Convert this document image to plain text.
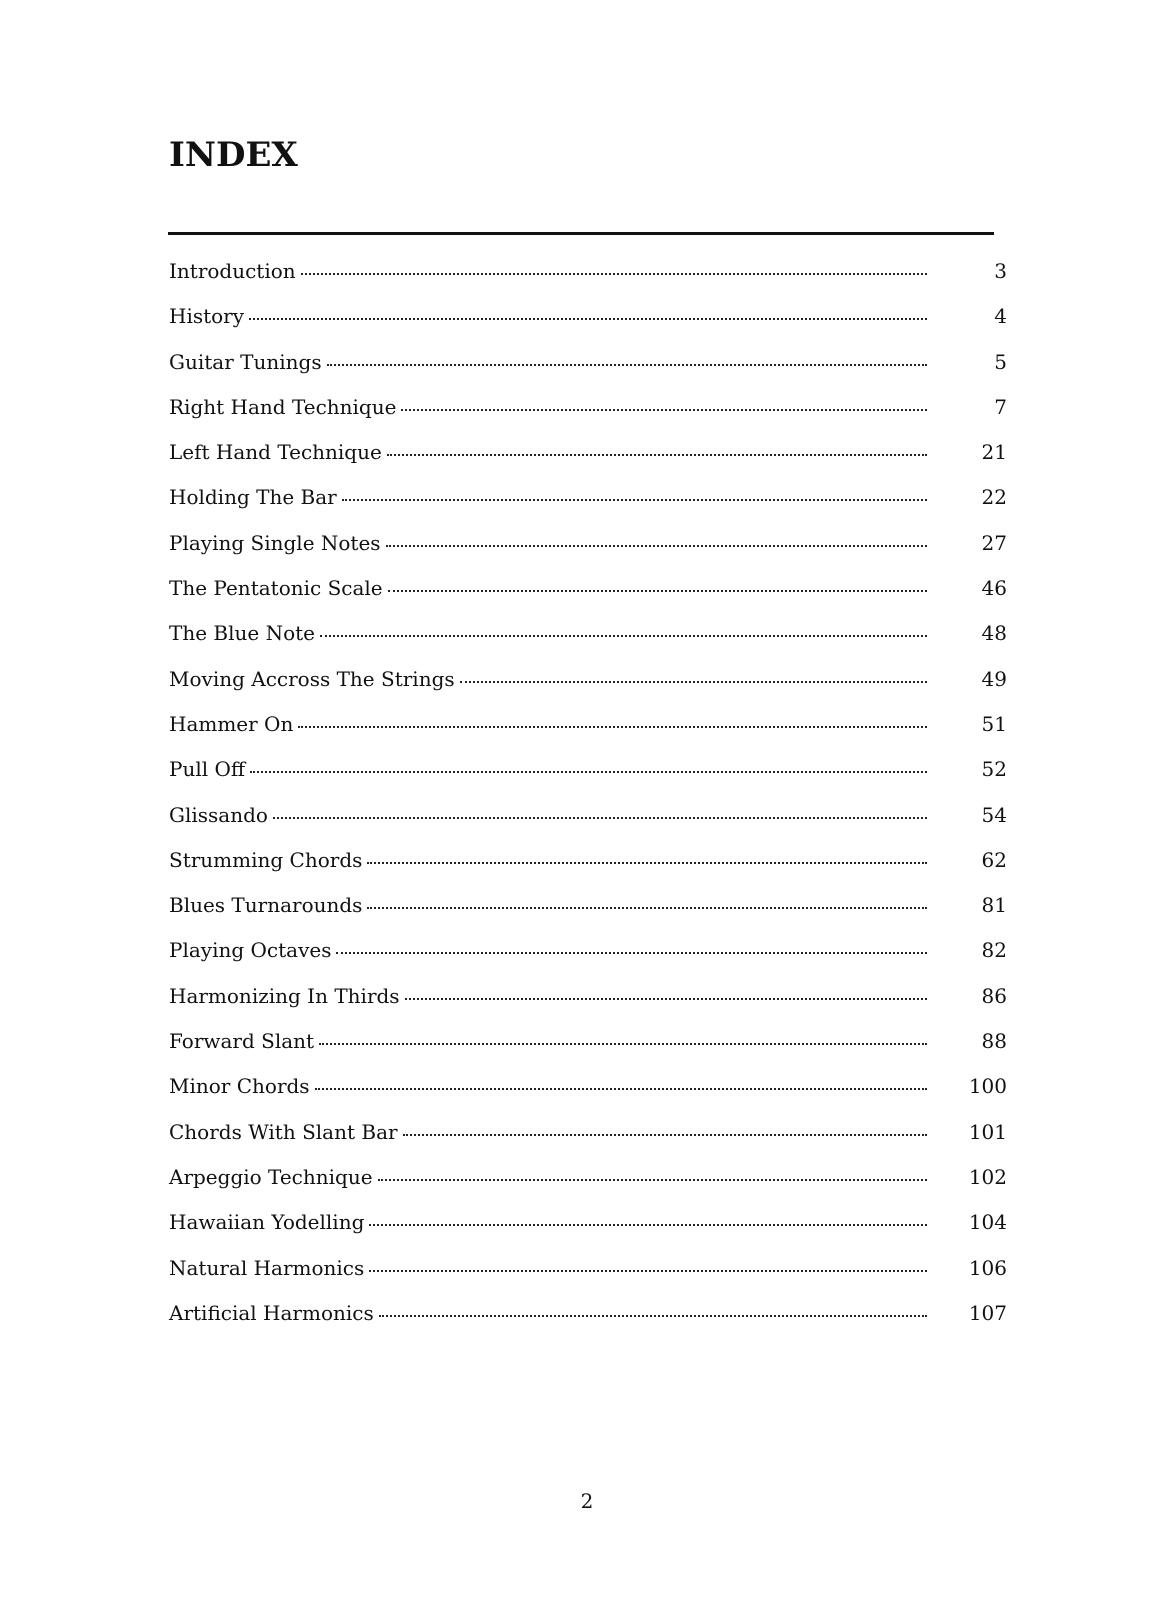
INDEX
Introduction	3
History	4
Guitar Tunings	5
Right Hand Technique	7
Left Hand Technique	21
Holding The Bar	22
Playing Single Notes	27
The Pentatonic Scale	46
The Blue Note	48
Moving Accross The Strings	49
Hammer On	51
Pull Off	52
Glissando	54
Strumming Chords	62
Blues Turnarounds	81
Playing Octaves	82
Harmonizing In Thirds	86
Forward Slant	88
Minor Chords	100
Chords With Slant Bar	101
Arpeggio Technique	102
Hawaiian Yodelling	104
Natural Harmonics	106
Artificial Harmonics	107
2
